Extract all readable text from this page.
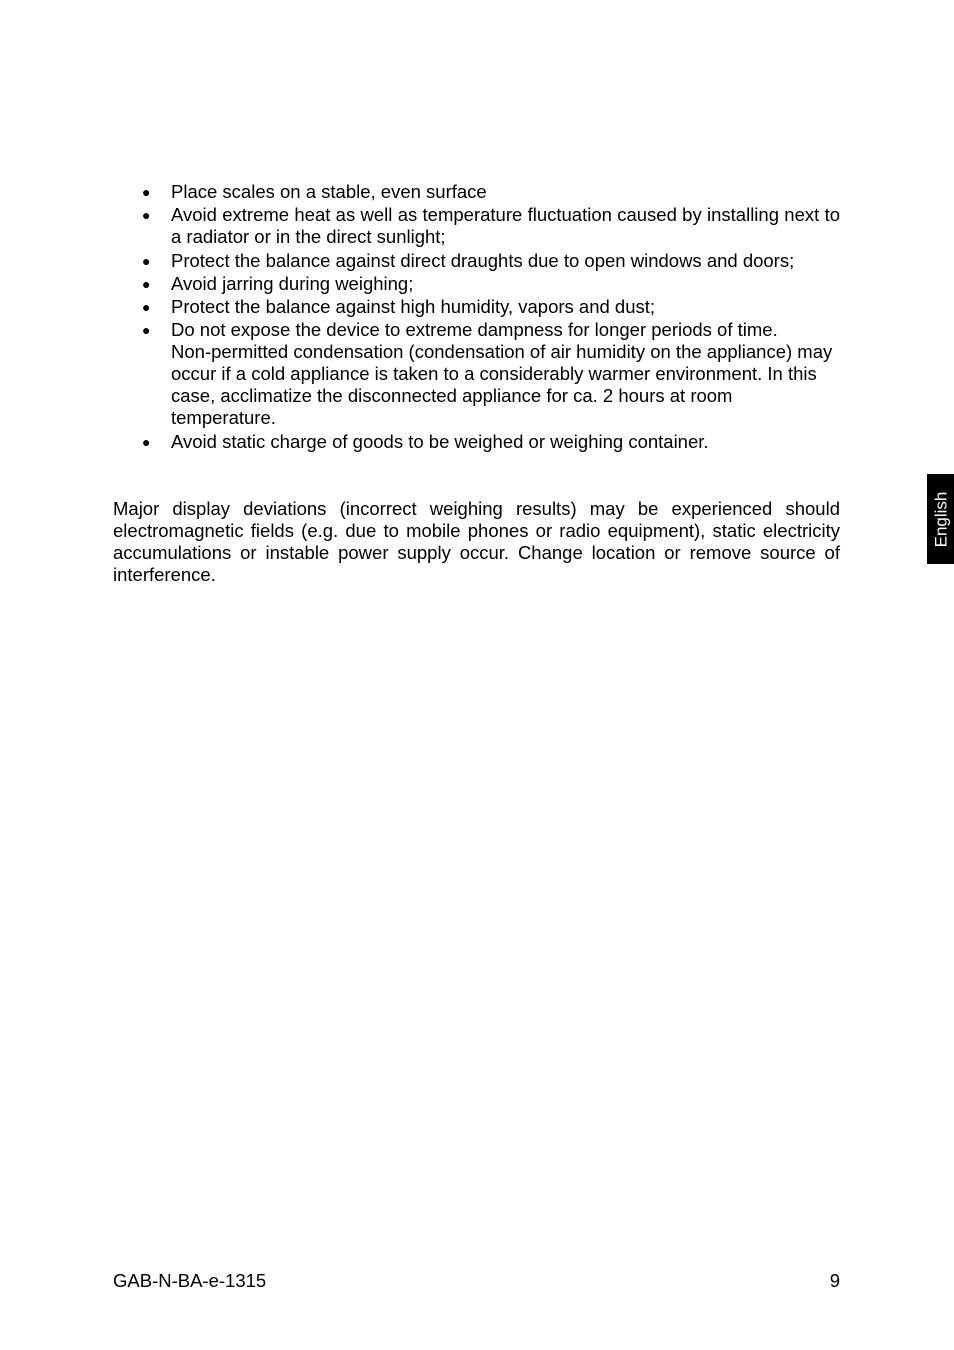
● Place scales on a stable, even surface
● Avoid extreme heat as well as temperature fluctuation caused by installing next to a radiator or in the direct sunlight;
● Protect the balance against direct draughts due to open windows and doors;
● Avoid jarring during weighing;
● Protect the balance against high humidity, vapors and dust;
● Do not expose the device to extreme dampness for longer periods of time.
Non-permitted condensation (condensation of air humidity on the appliance) may occur if a cold appliance is taken to a considerably warmer environment. In this case, acclimatize the disconnected appliance for ca. 2 hours at room temperature.
● Avoid static charge of goods to be weighed or weighing container.

Major display deviations (incorrect weighing results) may be experienced should electromagnetic fields (e.g. due to mobile phones or radio equipment), static electricity accumulations or instable power supply occur. Change location or remove source of interference.

English
GAB-N-BA-e-1315	9
